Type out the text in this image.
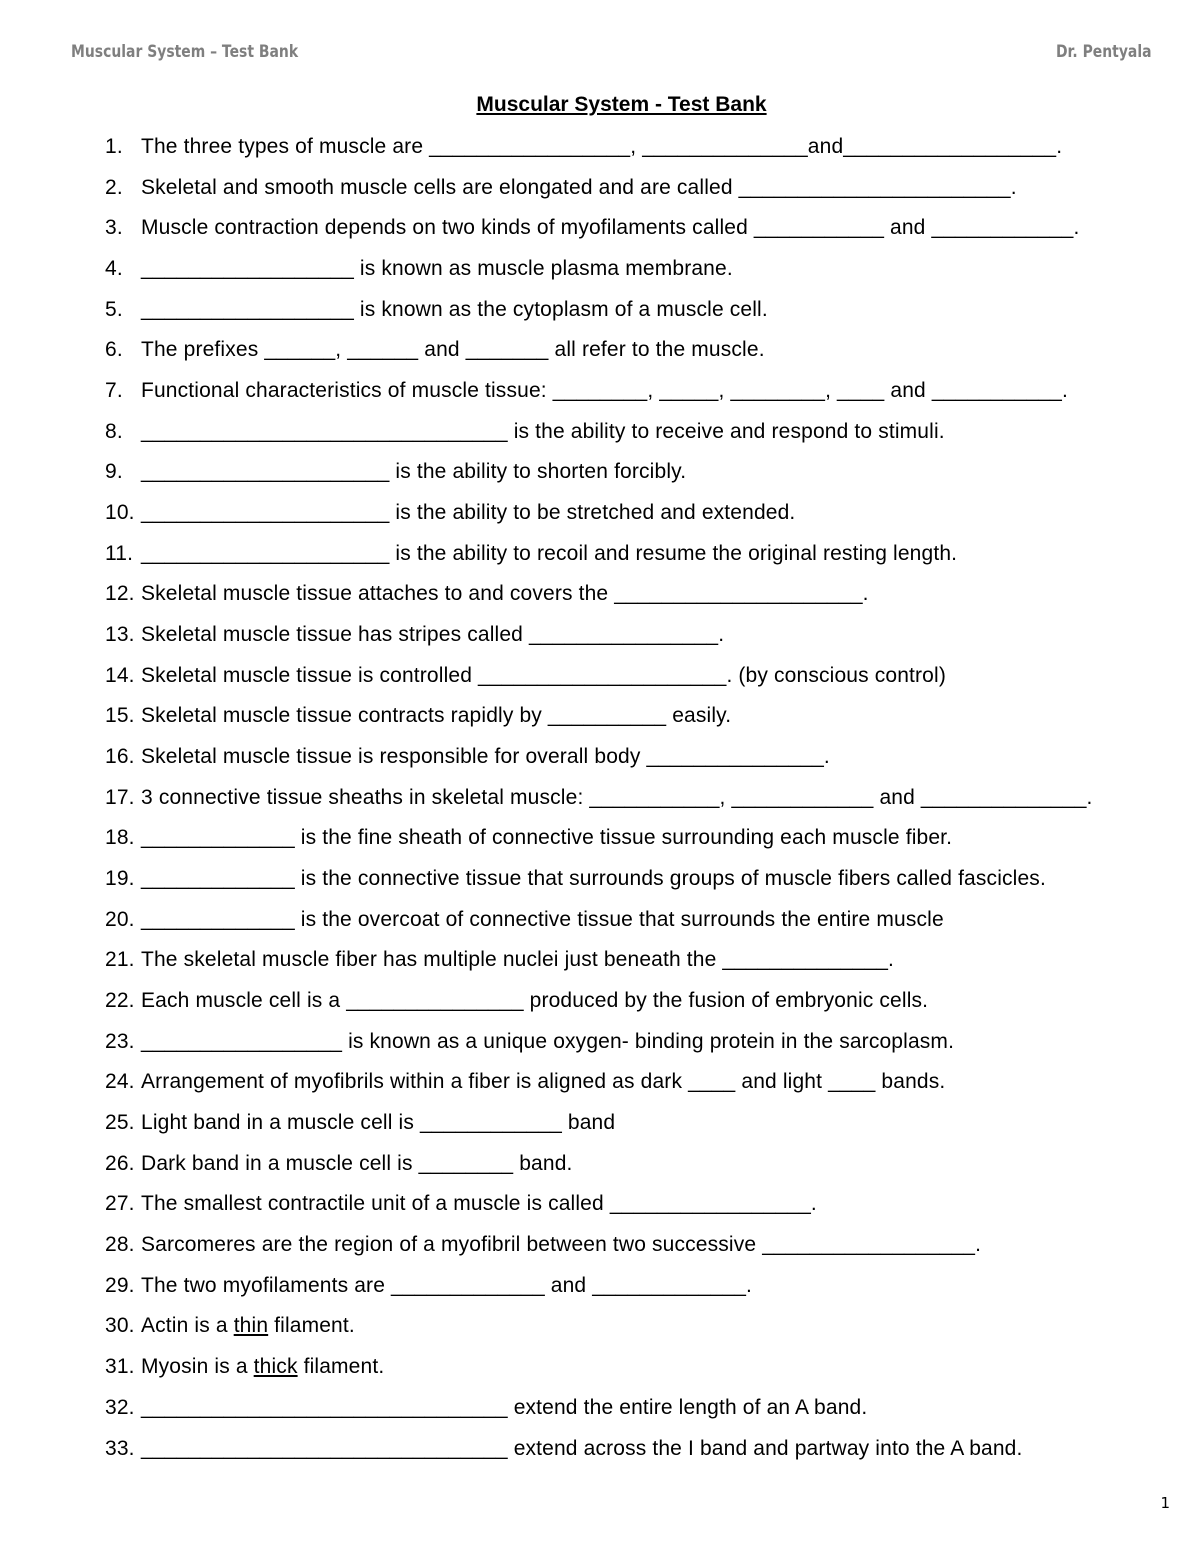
Muscular System – Test Bank	Dr. Pentyala
Muscular System - Test Bank
1. The three types of muscle are _________________, ______________and__________________.
2. Skeletal and smooth muscle cells are elongated and are called _______________________.
3. Muscle contraction depends on two kinds of myofilaments called ___________ and ____________.
4. __________________ is known as muscle plasma membrane.
5. __________________ is known as the cytoplasm of a muscle cell.
6. The prefixes ______, ______ and _______ all refer to the muscle.
7. Functional characteristics of muscle tissue: ________, _____, ________, ____ and ___________.
8. _______________________________ is the ability to receive and respond to stimuli.
9. _____________________ is the ability to shorten forcibly.
10. _____________________ is the ability to be stretched and extended.
11. _____________________ is the ability to recoil and resume the original resting length.
12. Skeletal muscle tissue attaches to and covers the _____________________.
13. Skeletal muscle tissue has stripes called ________________.
14. Skeletal muscle tissue is controlled _____________________. (by conscious control)
15. Skeletal muscle tissue contracts rapidly by __________ easily.
16. Skeletal muscle tissue is responsible for overall body _______________.
17. 3 connective tissue sheaths in skeletal muscle: ___________, ____________ and ______________.
18. _____________ is the fine sheath of connective tissue surrounding each muscle fiber.
19. _____________ is the connective tissue that surrounds groups of muscle fibers called fascicles.
20. _____________ is the overcoat of connective tissue that surrounds the entire muscle
21. The skeletal muscle fiber has multiple nuclei just beneath the ______________.
22. Each muscle cell is a _______________ produced by the fusion of embryonic cells.
23. _________________ is known as a unique oxygen- binding protein in the sarcoplasm.
24. Arrangement of myofibrils within a fiber is aligned as dark ____ and light ____ bands.
25. Light band in a muscle cell is ____________ band
26. Dark band in a muscle cell is ________ band.
27. The smallest contractile unit of a muscle is called _________________.
28. Sarcomeres are the region of a myofibril between two successive __________________.
29. The two myofilaments are _____________ and _____________.
30. Actin is a thin filament.
31. Myosin is a thick filament.
32. _______________________________ extend the entire length of an A band.
33. _______________________________ extend across the I band and partway into the A band.
1
